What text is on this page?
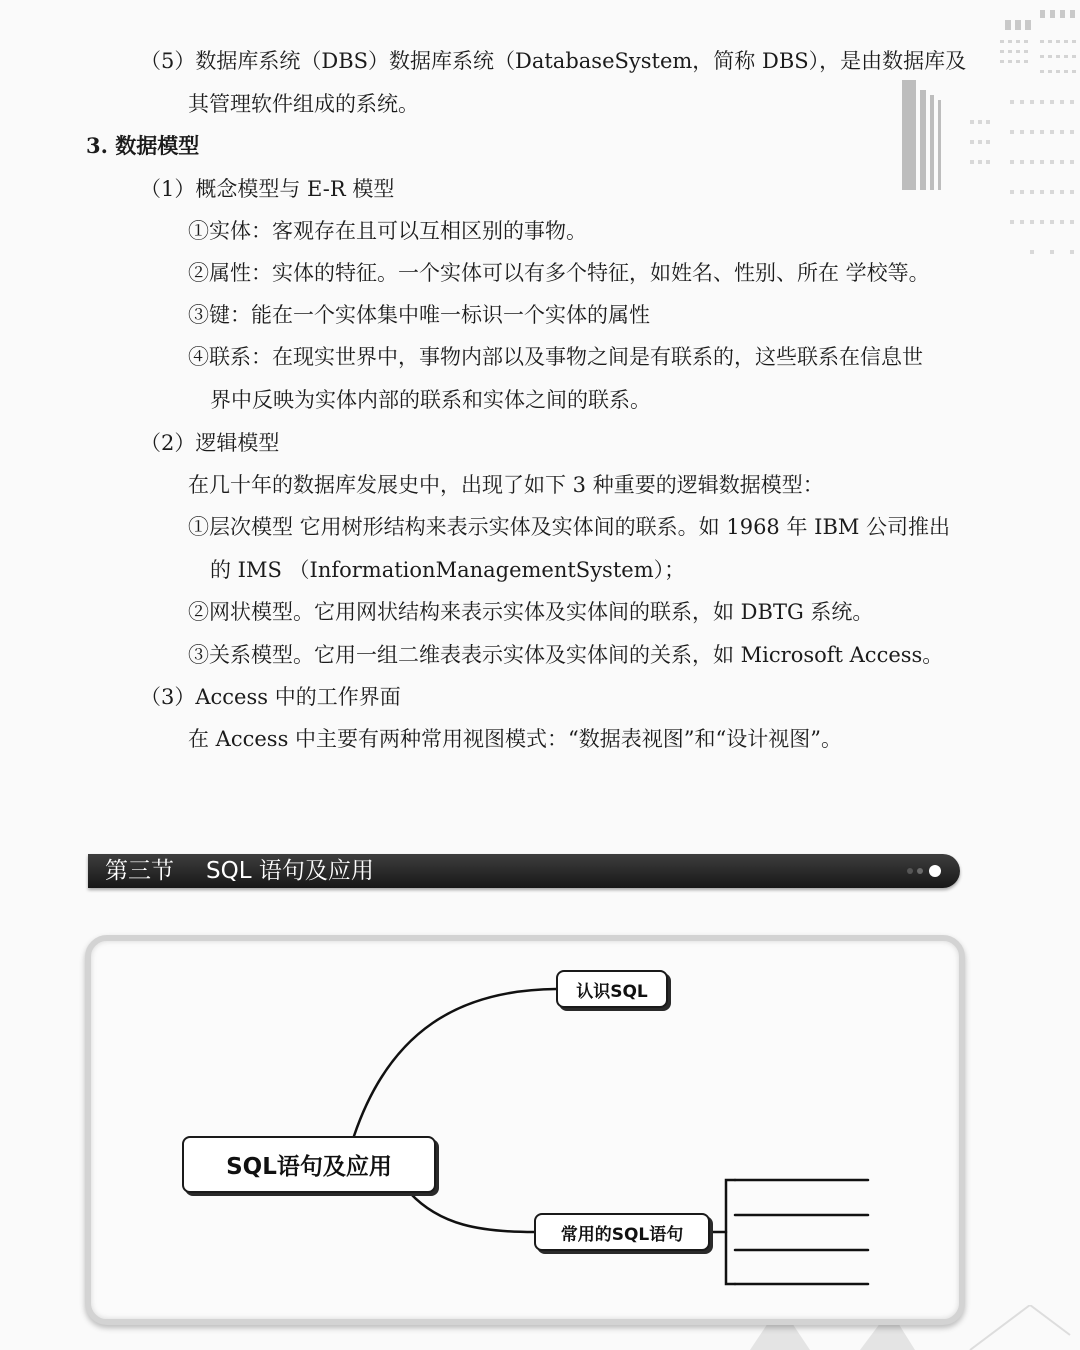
（5）数据库系统（DBS）数据库系统（DatabaseSystem，简称 DBS），是由数据库及
其管理软件组成的系统。
3. 数据模型
（1）概念模型与 E-R 模型
①实体：客观存在且可以互相区别的事物。
②属性：实体的特征。一个实体可以有多个特征，如姓名、性别、所在 学校等。
③键：能在一个实体集中唯一标识一个实体的属性
④联系：在现实世界中，事物内部以及事物之间是有联系的，这些联系在信息世
界中反映为实体内部的联系和实体之间的联系。
（2）逻辑模型
在几十年的数据库发展史中，出现了如下 3 种重要的逻辑数据模型：
①层次模型 它用树形结构来表示实体及实体间的联系。如 1968 年 IBM 公司推出
的 IMS （InformationManagementSystem）；
②网状模型。它用网状结构来表示实体及实体间的联系，如 DBTG 系统。
③关系模型。它用一组二维表表示实体及实体间的关系，如 Microsoft Access。
（3）Access 中的工作界面
在 Access 中主要有两种常用视图模式：“数据表视图”和“设计视图”。
第三节 SQL 语句及应用
SQL语句及应用
认识SQL
常用的SQL语句
